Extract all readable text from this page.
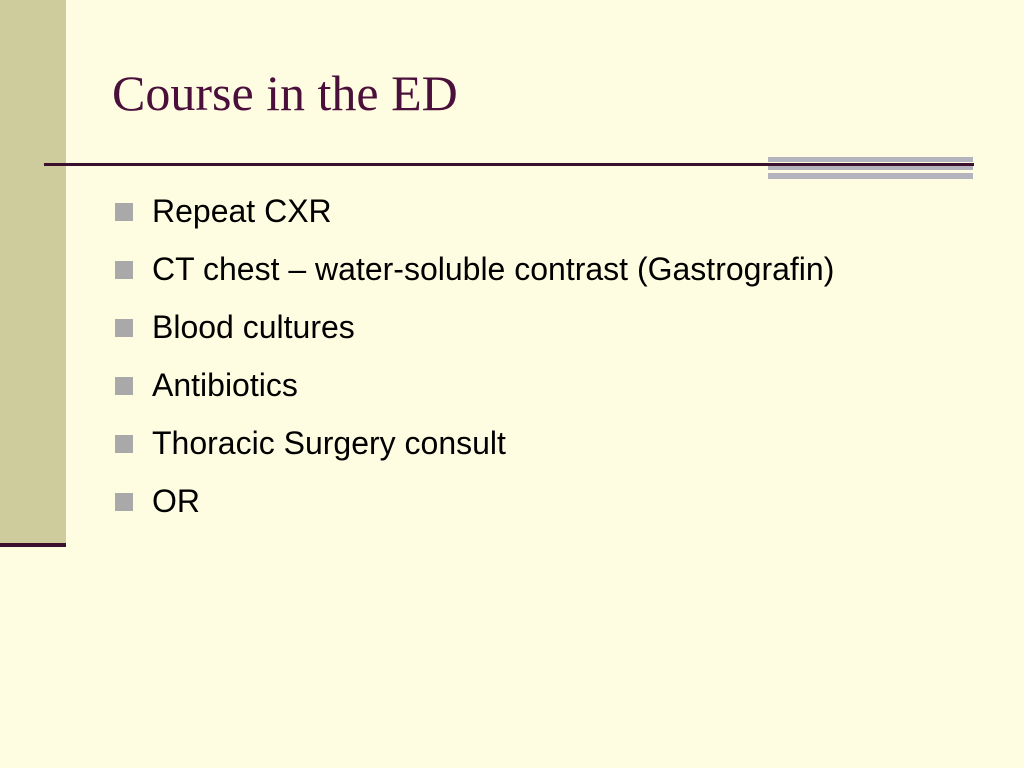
Course in the ED
Repeat CXR
CT chest – water-soluble contrast (Gastrografin)
Blood cultures
Antibiotics
Thoracic Surgery consult
OR
